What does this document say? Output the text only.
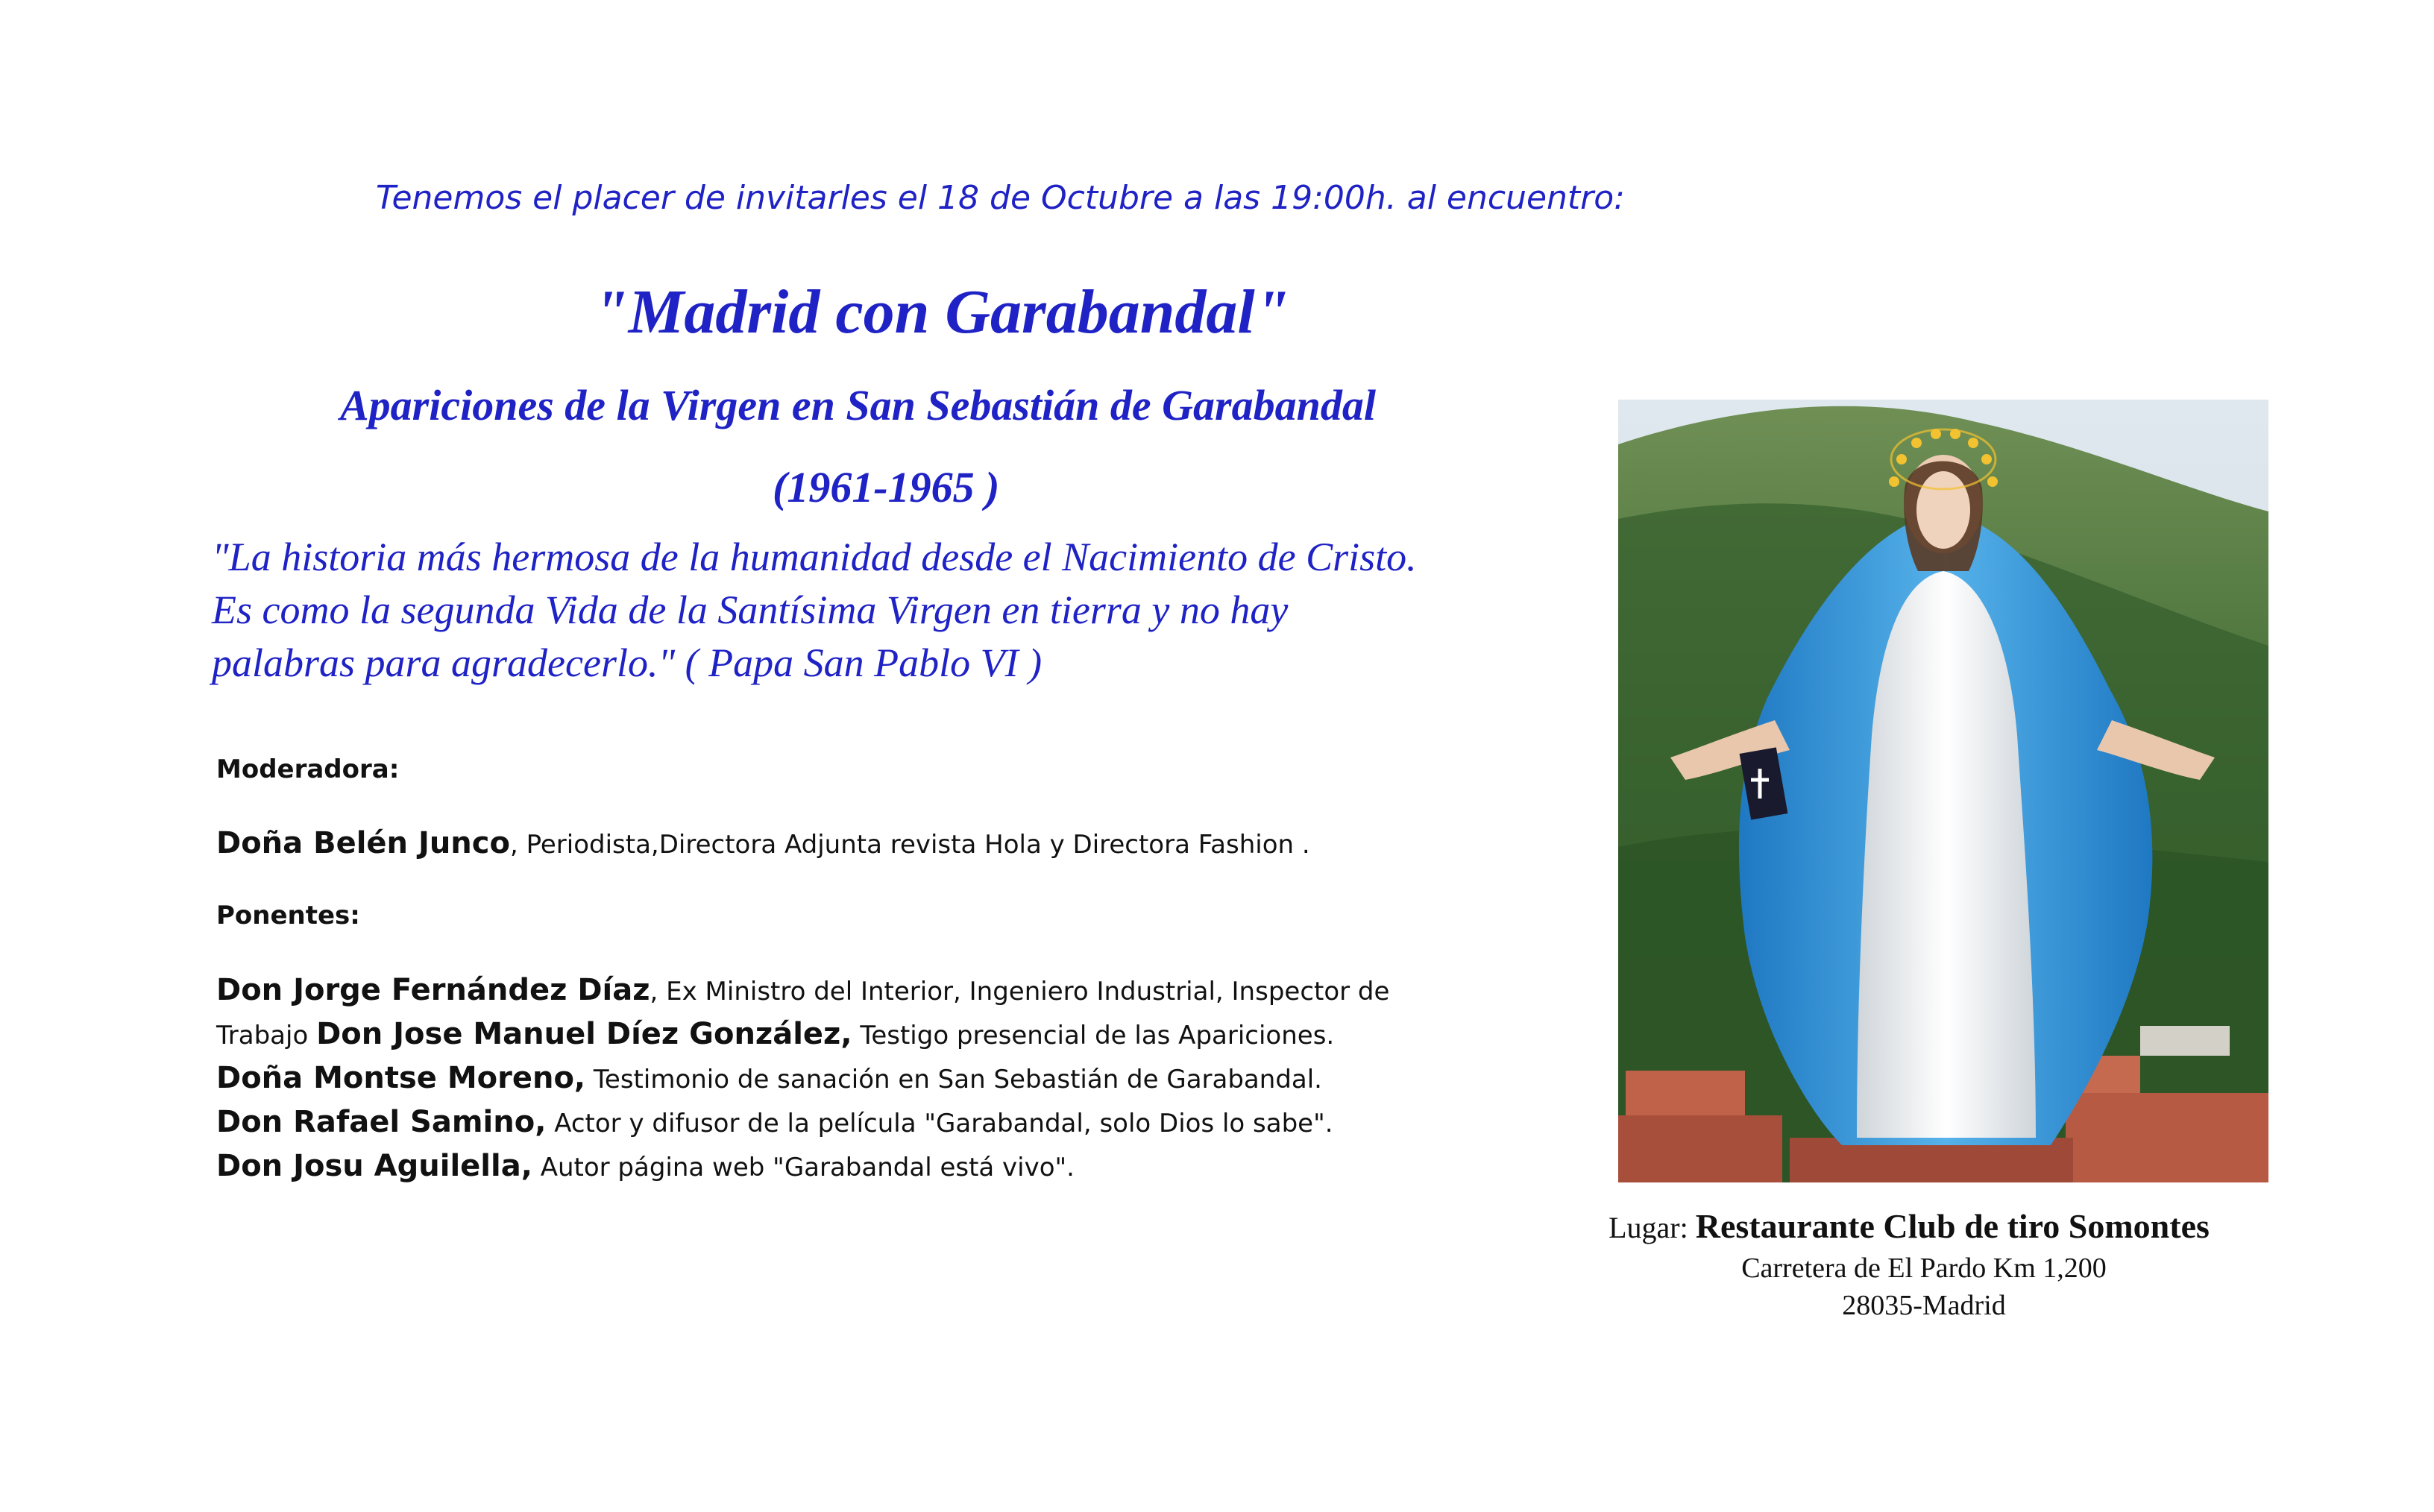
Tenemos el placer de invitarles el 18 de Octubre a las 19:00h. al encuentro:
"Madrid con Garabandal"
Apariciones de la Virgen en San Sebastián de Garabandal
(1961-1965 )
"La historia más hermosa de la humanidad desde el Nacimiento de Cristo.
Es como la segunda Vida de la Santísima Virgen en tierra y no hay
palabras para agradecerlo." ( Papa San Pablo VI )
Moderadora:
Doña Belén Junco, Periodista,Directora Adjunta revista Hola y Directora Fashion .
Ponentes:
Don Jorge Fernández Díaz, Ex Ministro del Interior, Ingeniero Industrial, Inspector de
Trabajo Don Jose Manuel Díez González, Testigo presencial de las Apariciones.
Doña Montse Moreno, Testimonio de sanación en San Sebastián de Garabandal.
Don Rafael Samino, Actor y difusor de la película "Garabandal, solo Dios lo sabe".
Don Josu Aguilella, Autor página web "Garabandal está vivo".
Lugar: Restaurante Club de tiro Somontes
Carretera de El Pardo Km 1,200
28035-Madrid
